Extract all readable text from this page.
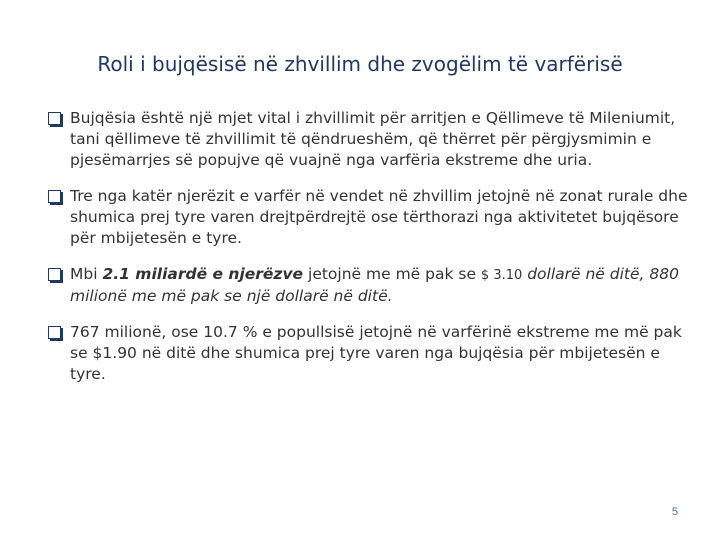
Roli i bujqësisë në zhvillim dhe zvogëlim të varfërisë
Bujqësia është një mjet vital i zhvillimit për arritjen e Qëllimeve të Mileniumit, tani qëllimeve të zhvillimit të qëndrueshëm, që thërret për përgjysmimin e pjesëmarrjes së popujve që vuajnë nga varfëria ekstreme dhe uria.
Tre nga katër njerëzit e varfër në vendet në zhvillim jetojnë në zonat rurale dhe shumica prej tyre varen drejtpërdrejtë ose tërthorazi nga aktivitetet bujqësore për mbijetesën e tyre.
Mbi 2.1 miliardë e njerëzve jetojnë me më pak se $ 3.10 dollarë në ditë, 880 milionë me më pak se një dollarë në ditë.
767 milionë, ose 10.7 % e popullsisë jetojnë në varfërinë ekstreme me më pak se $1.90 në ditë dhe shumica prej tyre varen nga bujqësia për mbijetesën e tyre.
5
